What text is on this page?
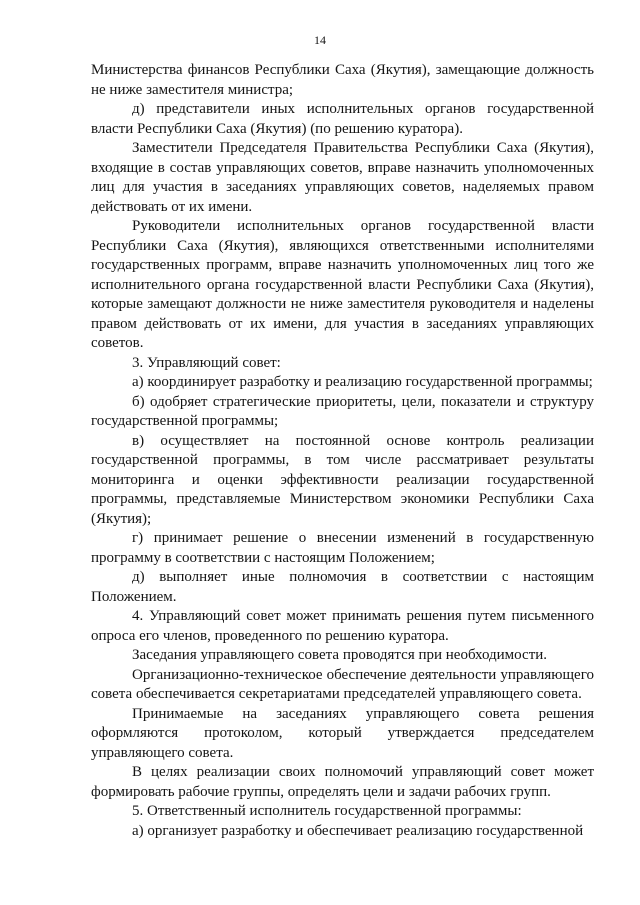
14

Министерства финансов Республики Саха (Якутия), замещающие должность не ниже заместителя министра;

д) представители иных исполнительных органов государственной власти Республики Саха (Якутия) (по решению куратора).

Заместители Председателя Правительства Республики Саха (Якутия), входящие в состав управляющих советов, вправе назначить уполномоченных лиц для участия в заседаниях управляющих советов, наделяемых правом действовать от их имени.

Руководители исполнительных органов государственной власти Республики Саха (Якутия), являющихся ответственными исполнителями государственных программ, вправе назначить уполномоченных лиц того же исполнительного органа государственной власти Республики Саха (Якутия), которые замещают должности не ниже заместителя руководителя и наделены правом действовать от их имени, для участия в заседаниях управляющих советов.

3. Управляющий совет:

а) координирует разработку и реализацию государственной программы;

б) одобряет стратегические приоритеты, цели, показатели и структуру государственной программы;

в) осуществляет на постоянной основе контроль реализации государственной программы, в том числе рассматривает результаты мониторинга и оценки эффективности реализации государственной программы, представляемые Министерством экономики Республики Саха (Якутия);

г) принимает решение о внесении изменений в государственную программу в соответствии с настоящим Положением;

д) выполняет иные полномочия в соответствии с настоящим Положением.

4. Управляющий совет может принимать решения путем письменного опроса его членов, проведенного по решению куратора.

Заседания управляющего совета проводятся при необходимости.

Организационно-техническое обеспечение деятельности управляющего совета обеспечивается секретариатами председателей управляющего совета.

Принимаемые на заседаниях управляющего совета решения оформляются протоколом, который утверждается председателем управляющего совета.

В целях реализации своих полномочий управляющий совет может формировать рабочие группы, определять цели и задачи рабочих групп.

5. Ответственный исполнитель государственной программы:

а) организует разработку и обеспечивает реализацию государственной
